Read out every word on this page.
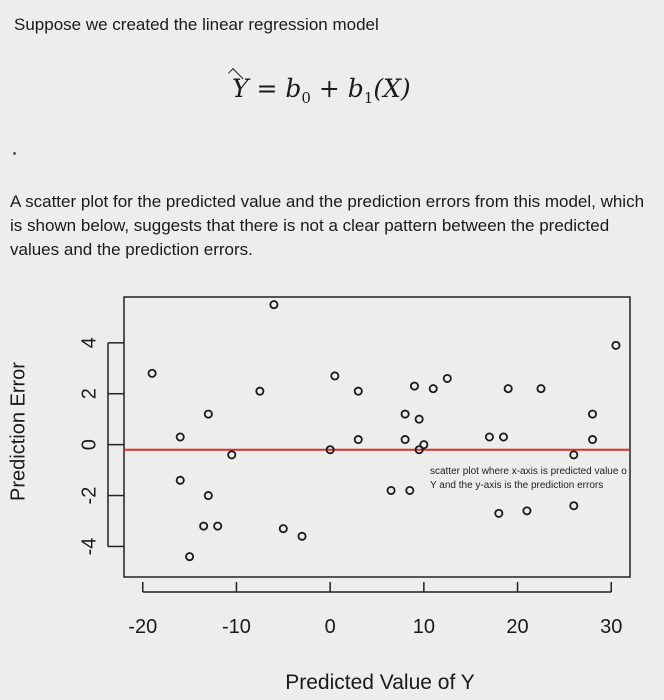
Suppose we created the linear regression model

$Y = b_0 + b_1(X)$

A scatter plot for the predicted value and the prediction errors from this model, which is shown below, suggests that there is not a clear pattern between the predicted values and the prediction errors.

-20	-10	0	10	20	30
-4
-2
0
2
4
scatter plot where x-axis is predicted value o
Y and the y-axis is the prediction errors
Prediction Error
Predicted Value of Y
